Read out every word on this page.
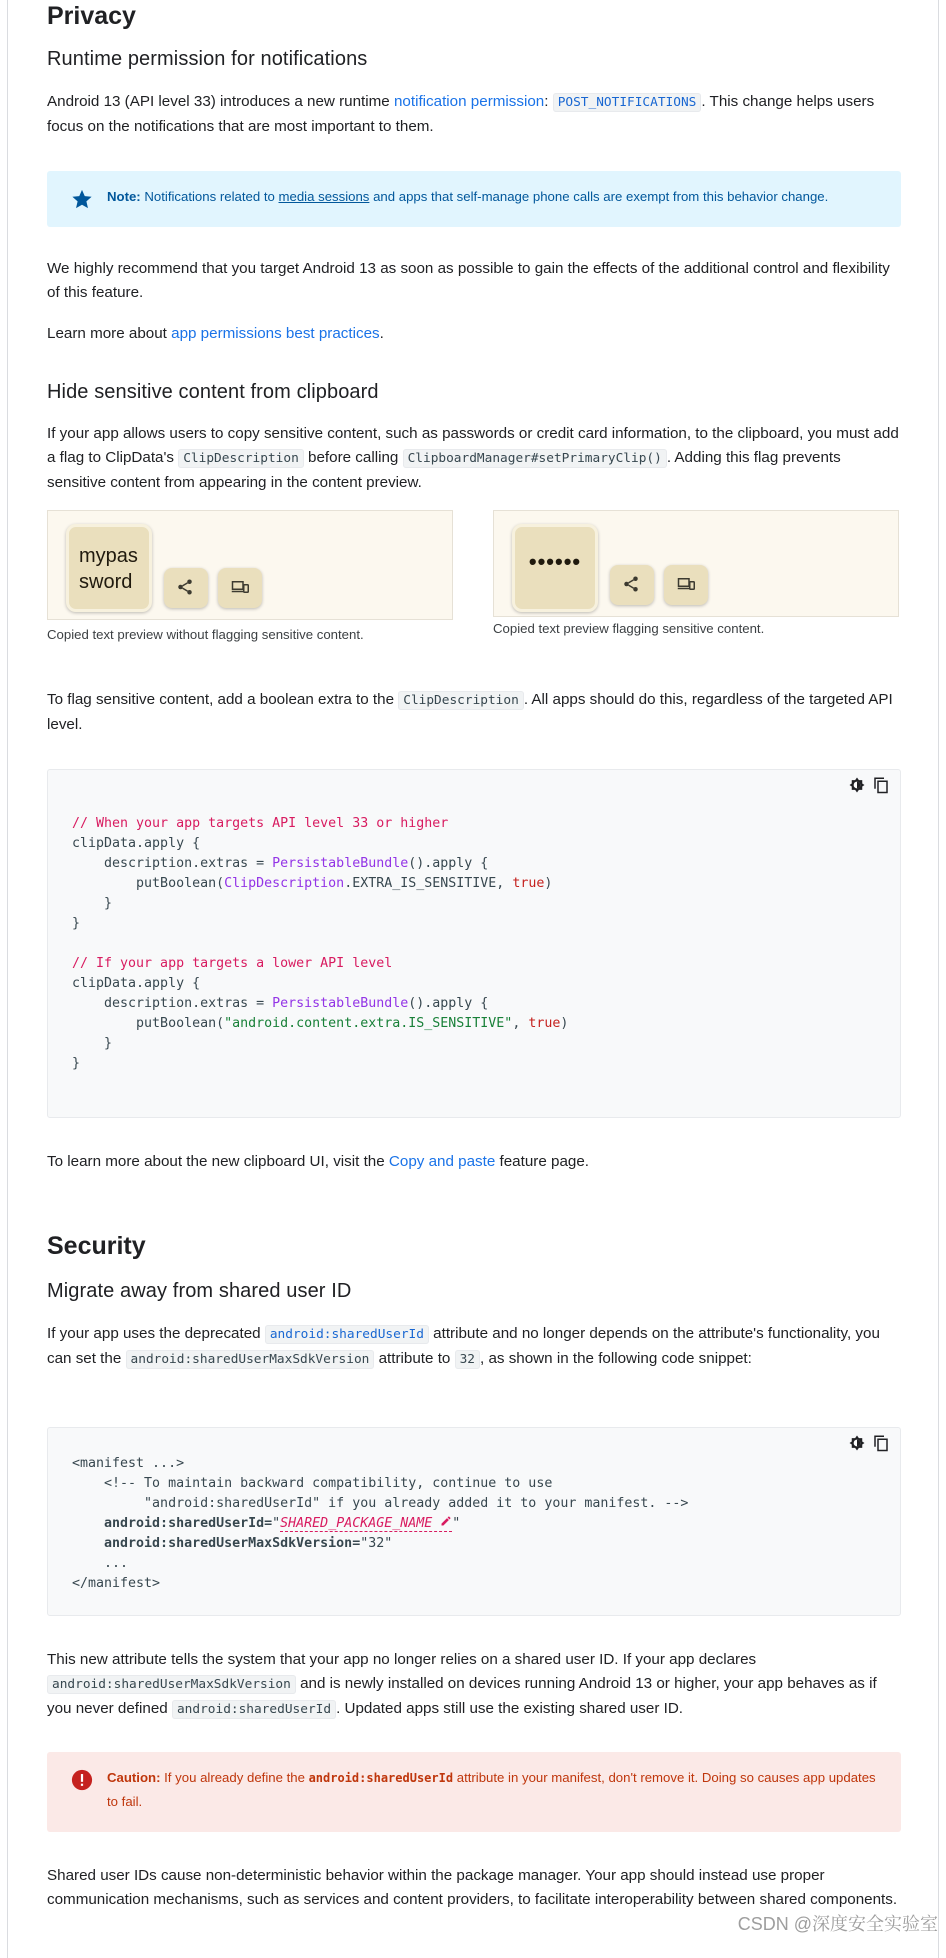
Privacy
Runtime permission for notifications

Android 13 (API level 33) introduces a new runtime notification permission: POST_NOTIFICATIONS . This change helps users focus on the notifications that are most important to them.

Note: Notifications related to media sessions and apps that self-manage phone calls are exempt from this behavior change.

We highly recommend that you target Android 13 as soon as possible to gain the effects of the additional control and flexibility of this feature.

Learn more about app permissions best practices.

Hide sensitive content from clipboard

If your app allows users to copy sensitive content, such as passwords or credit card information, to the clipboard, you must add a flag to ClipData's ClipDescription before calling ClipboardManager#setPrimaryClip() . Adding this flag prevents sensitive content from appearing in the content preview.

mypas
sword
Copied text preview without flagging sensitive content.
••••••
Copied text preview flagging sensitive content.

To flag sensitive content, add a boolean extra to the ClipDescription . All apps should do this, regardless of the targeted API level.

// When your app targets API level 33 or higher
clipData.apply {
description.extras = PersistableBundle().apply {
putBoolean(ClipDescription.EXTRA_IS_SENSITIVE, true)
}
}

// If your app targets a lower API level
clipData.apply {
description.extras = PersistableBundle().apply {
putBoolean("android.content.extra.IS_SENSITIVE", true)
}
}

To learn more about the new clipboard UI, visit the Copy and paste feature page.

Security
Migrate away from shared user ID

If your app uses the deprecated android:sharedUserId attribute and no longer depends on the attribute's functionality, you can set the android:sharedUserMaxSdkVersion attribute to 32 , as shown in the following code snippet:

<manifest ...>
<!-- To maintain backward compatibility, continue to use
"android:sharedUserId" if you already added it to your manifest. -->
android:sharedUserId="SHARED_PACKAGE_NAME "
android:sharedUserMaxSdkVersion="32"
...
</manifest>

This new attribute tells the system that your app no longer relies on a shared user ID. If your app declares android:sharedUserMaxSdkVersion and is newly installed on devices running Android 13 or higher, your app behaves as if you never defined android:sharedUserId . Updated apps still use the existing shared user ID.

Caution: If you already define the android:sharedUserId attribute in your manifest, don't remove it. Doing so causes app updates to fail.

Shared user IDs cause non-deterministic behavior within the package manager. Your app should instead use proper communication mechanisms, such as services and content providers, to facilitate interoperability between shared components.

CSDN @深度安全实验室
